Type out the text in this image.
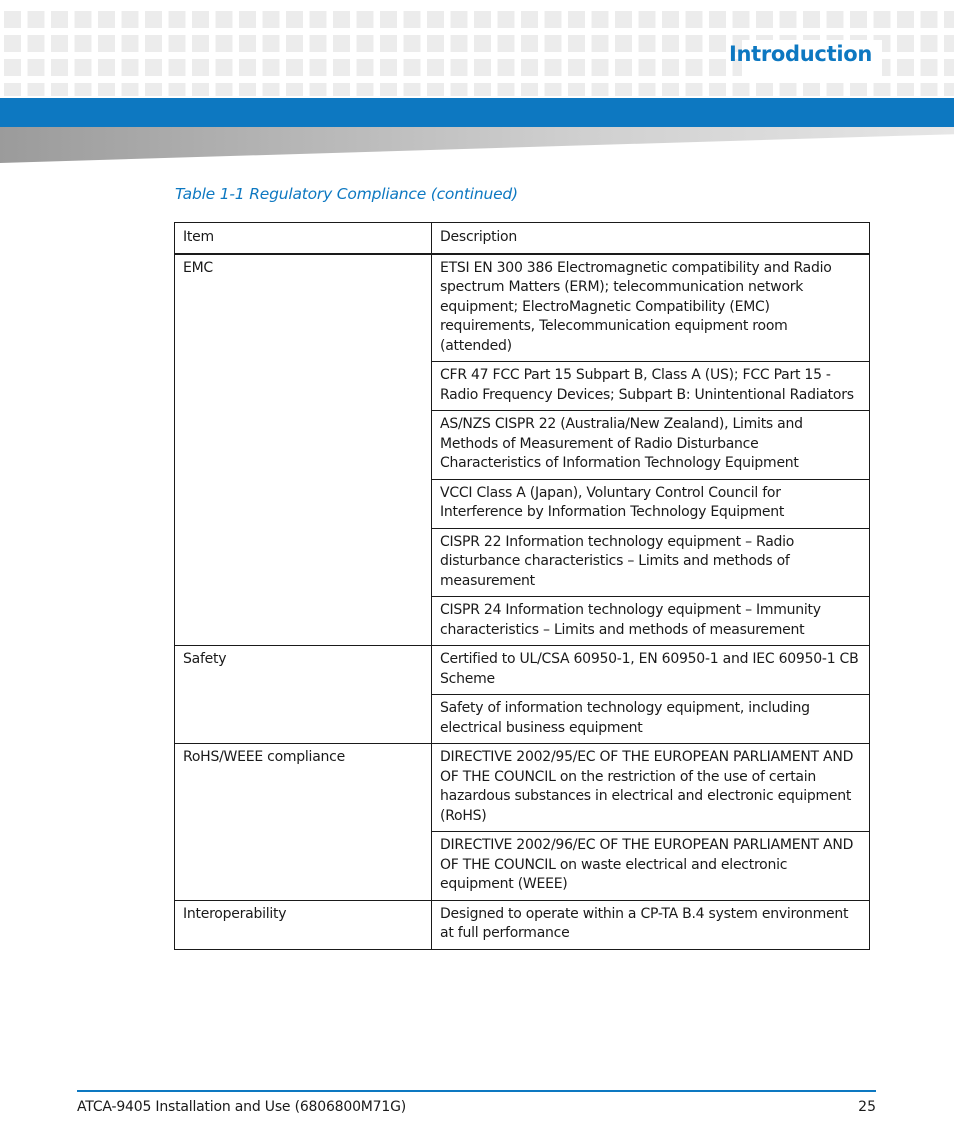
Introduction
Table 1-1 Regulatory Compliance (continued)
Item	Description
EMC	ETSI EN 300 386 Electromagnetic compatibility and Radio spectrum Matters (ERM); telecommunication network equipment; ElectroMagnetic Compatibility (EMC) requirements, Telecommunication equipment room (attended)
	CFR 47 FCC Part 15 Subpart B, Class A (US); FCC Part 15 - Radio Frequency Devices; Subpart B: Unintentional Radiators
	AS/NZS CISPR 22 (Australia/New Zealand), Limits and Methods of Measurement of Radio Disturbance Characteristics of Information Technology Equipment
	VCCI Class A (Japan), Voluntary Control Council for Interference by Information Technology Equipment
	CISPR 22 Information technology equipment – Radio disturbance characteristics – Limits and methods of measurement
	CISPR 24 Information technology equipment – Immunity characteristics – Limits and methods of measurement
Safety	Certified to UL/CSA 60950-1, EN 60950-1 and IEC 60950-1 CB Scheme
	Safety of information technology equipment, including electrical business equipment
RoHS/WEEE compliance	DIRECTIVE 2002/95/EC OF THE EUROPEAN PARLIAMENT AND OF THE COUNCIL on the restriction of the use of certain hazardous substances in electrical and electronic equipment (RoHS)
	DIRECTIVE 2002/96/EC OF THE EUROPEAN PARLIAMENT AND OF THE COUNCIL on waste electrical and electronic equipment (WEEE)
Interoperability	Designed to operate within a CP-TA B.4 system environment at full performance
ATCA-9405 Installation and Use (6806800M71G)	25
